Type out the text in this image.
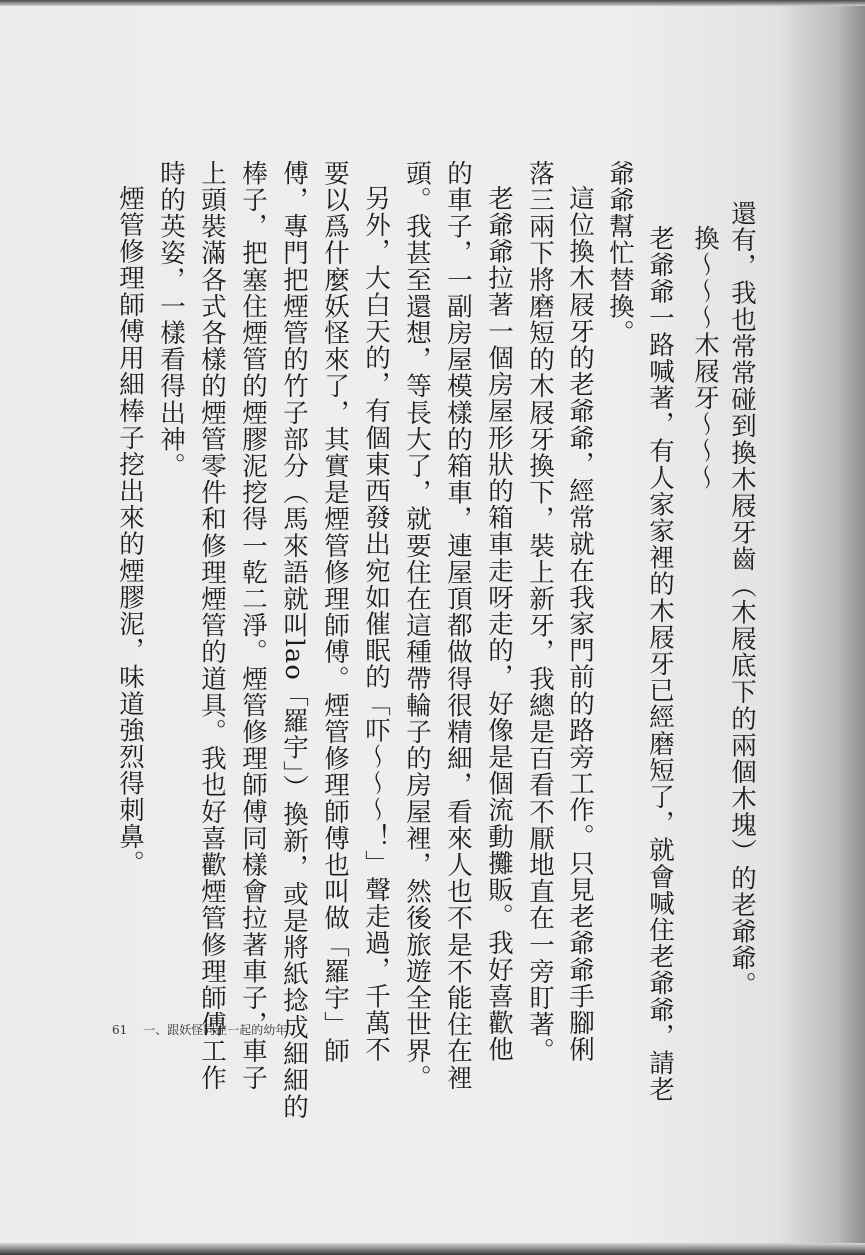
還有，我也常常碰到換木屐牙齒（木屐底下的兩個木塊）的老爺爺。
換～～～木屐牙～～～
老爺爺一路喊著，有人家家裡的木屐牙已經磨短了，就會喊住老爺爺，請老
爺爺幫忙替換。
這位換木屐牙的老爺爺，經常就在我家門前的路旁工作。只見老爺爺手腳俐
落三兩下將磨短的木屐牙換下，裝上新牙，我總是百看不厭地直在一旁盯著。
老爺爺拉著一個房屋形狀的箱車走呀走的，好像是個流動攤販。我好喜歡他
的車子，一副房屋模樣的箱車，連屋頂都做得很精細，看來人也不是不能住在裡
頭。我甚至還想，等長大了，就要住在這種帶輪子的房屋裡，然後旅遊全世界。
另外，大白天的，有個東西發出宛如催眠的「吓～～～！」聲走過，千萬不
要以爲什麼妖怪來了，其實是煙管修理師傅。煙管修理師傅也叫做「羅宇」師
傅，專門把煙管的竹子部分（馬來語就叫lao「羅宇」）換新，或是將紙捻成細細的
棒子，把塞住煙管的煙膠泥挖得一乾二淨。煙管修理師傅同樣會拉著車子，車子
上頭裝滿各式各樣的煙管零件和修理煙管的道具。我也好喜歡煙管修理師傅工作
時的英姿，一樣看得出神。
煙管修理師傅用細棒子挖出來的煙膠泥，味道強烈得刺鼻。
61 一、跟妖怪同在一起的幼年
